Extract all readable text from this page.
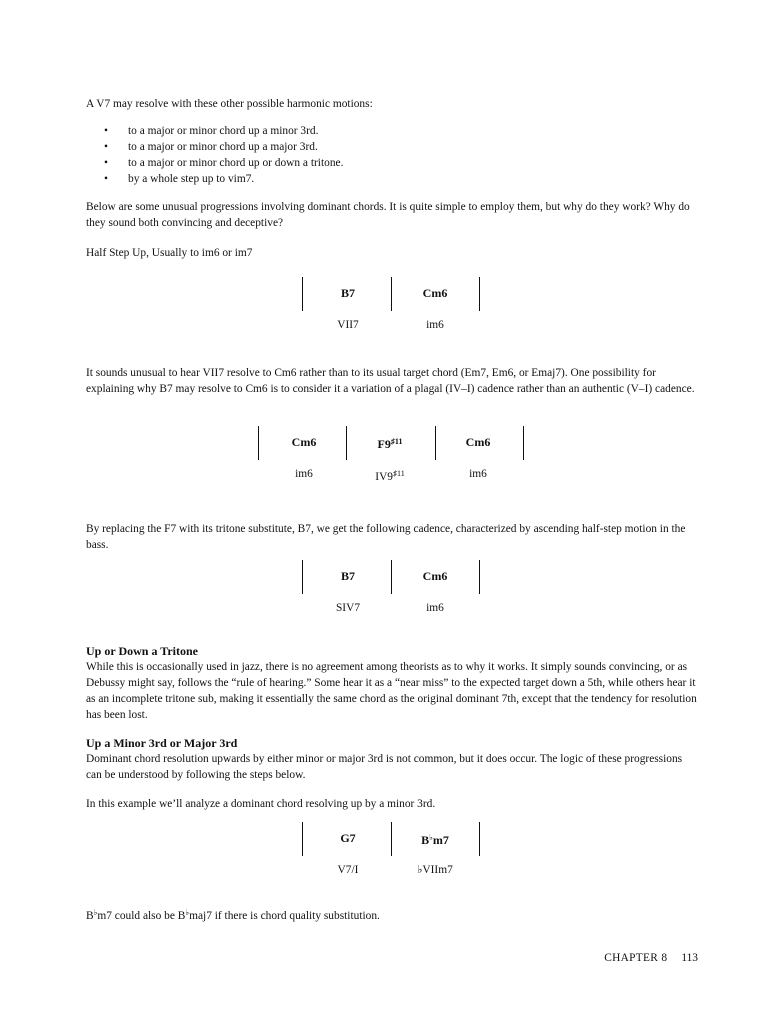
A V7 may resolve with these other possible harmonic motions:

• to a major or minor chord up a minor 3rd.
• to a major or minor chord up a major 3rd.
• to a major or minor chord up or down a tritone.
• by a whole step up to vim7.

Below are some unusual progressions involving dominant chords. It is quite simple to employ them, but why do they work? Why do they sound both convincing and deceptive?

Half Step Up, Usually to im6 or im7

B7	Cm6
VII7	im6

It sounds unusual to hear VII7 resolve to Cm6 rather than to its usual target chord (Em7, Em6, or Emaj7). One possibility for explaining why B7 may resolve to Cm6 is to consider it a variation of a plagal (IV–I) cadence rather than an authentic (V–I) cadence.

Cm6	$F9^{♯11}$	Cm6
im6	$IV9^{♯11}$	im6

By replacing the F7 with its tritone substitute, B7, we get the following cadence, characterized by ascending half-step motion in the bass.

B7	Cm6
SIV7	im6
Up or Down a Tritone

While this is occasionally used in jazz, there is no agreement among theorists as to why it works. It simply sounds convincing, or as Debussy might say, follows the “rule of hearing.” Some hear it as a “near miss” to the expected target down a 5th, while others hear it as an incomplete tritone sub, making it essentially the same chord as the original dominant 7th, except that the tendency for resolution has been lost.

Up a Minor 3rd or Major 3rd

Dominant chord resolution upwards by either minor or major 3rd is not common, but it does occur. The logic of these progressions can be understood by following the steps below.

In this example we’ll analyze a dominant chord resolving up by a minor 3rd.

G7	B♭m7
V7/I	♭VIIm7

B♭m7 could also be B♭maj7 if there is chord quality substitution.

CHAPTER 8 113
